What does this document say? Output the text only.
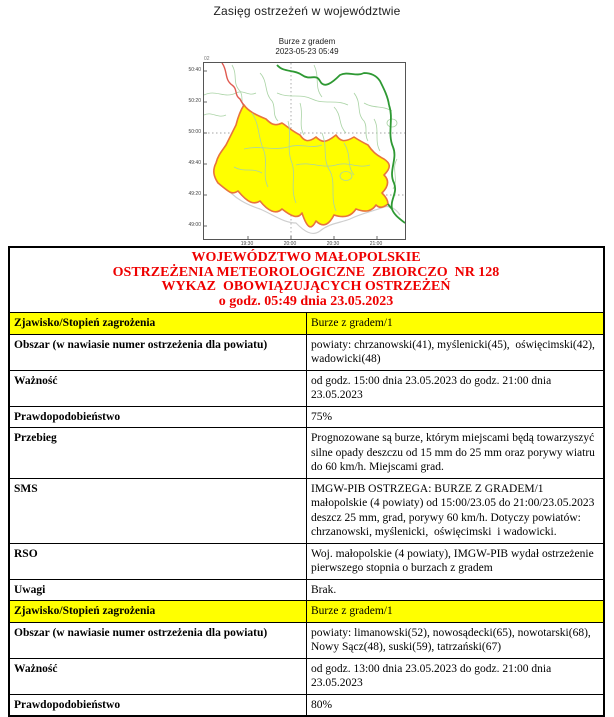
Zasięg ostrzeżeń w województwie
Burze z gradem
2023-05-23 05:49
02
50:40
50:20
50:00
49:40
49:20
49:00
19:30	20:00	20:30	21:00
WOJEWÓDZTWO MAŁOPOLSKIE
OSTRZEŻENIA METEOROLOGICZNE  ZBIORCZO  NR 128
WYKAZ  OBOWIĄZUJĄCYCH OSTRZEŻEŃ
o godz. 05:49 dnia 23.05.2023	

Zjawisko/Stopień zagrożenia	Burze z gradem/1
Obszar (w nawiasie numer ostrzeżenia dla powiatu)	powiaty: chrzanowski(41), myślenicki(45),  oświęcimski(42),  wadowicki(48)
Ważność	od godz. 15:00 dnia 23.05.2023 do godz. 21:00 dnia 23.05.2023
Prawdopodobieństwo	75%
Przebieg	Prognozowane są burze, którym miejscami będą towarzyszyć  silne opady deszczu od 15 mm do 25 mm oraz porywy wiatru do 60 km/h. Miejscami grad.
SMS	IMGW-PIB OSTRZEGA: BURZE Z GRADEM/1 małopolskie (4 powiaty) od 15:00/23.05 do 21:00/23.05.2023 deszcz 25 mm, grad, porywy 60 km/h. Dotyczy powiatów: chrzanowski, myślenicki,  oświęcimski  i wadowicki.
RSO	Woj. małopolskie (4 powiaty), IMGW-PIB wydał ostrzeżenie pierwszego stopnia o burzach z gradem
Uwagi	Brak.
Zjawisko/Stopień zagrożenia	Burze z gradem/1
Obszar (w nawiasie numer ostrzeżenia dla powiatu)	powiaty: limanowski(52), nowosądecki(65), nowotarski(68), Nowy Sącz(48), suski(59), tatrzański(67)
Ważność	od godz. 13:00 dnia 23.05.2023 do godz. 21:00 dnia 23.05.2023
Prawdopodobieństwo	80%
